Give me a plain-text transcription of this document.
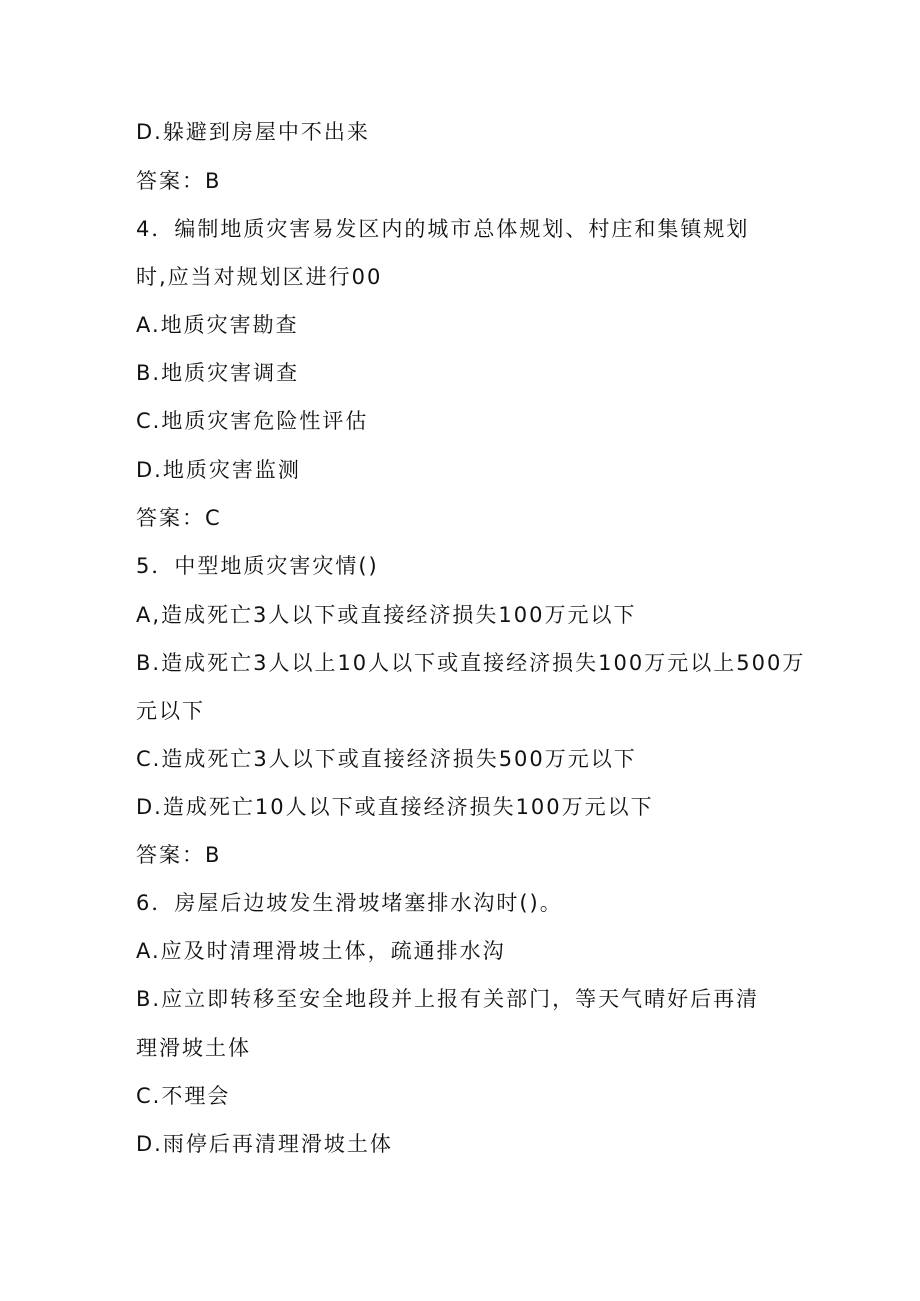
D.躲避到房屋中不出来
答案：B
4．编制地质灾害易发区内的城市总体规划、村庄和集镇规划
时,应当对规划区进行00
A.地质灾害勘查
B.地质灾害调查
C.地质灾害危险性评估
D.地质灾害监测
答案：C
5．中型地质灾害灾情()
A,造成死亡3人以下或直接经济损失100万元以下
B.造成死亡3人以上10人以下或直接经济损失100万元以上500万
元以下
C.造成死亡3人以下或直接经济损失500万元以下
D.造成死亡10人以下或直接经济损失100万元以下
答案：B
6．房屋后边坡发生滑坡堵塞排水沟时()。
A.应及时清理滑坡土体，疏通排水沟
B.应立即转移至安全地段并上报有关部门，等天气晴好后再清
理滑坡土体
C.不理会
D.雨停后再清理滑坡土体
